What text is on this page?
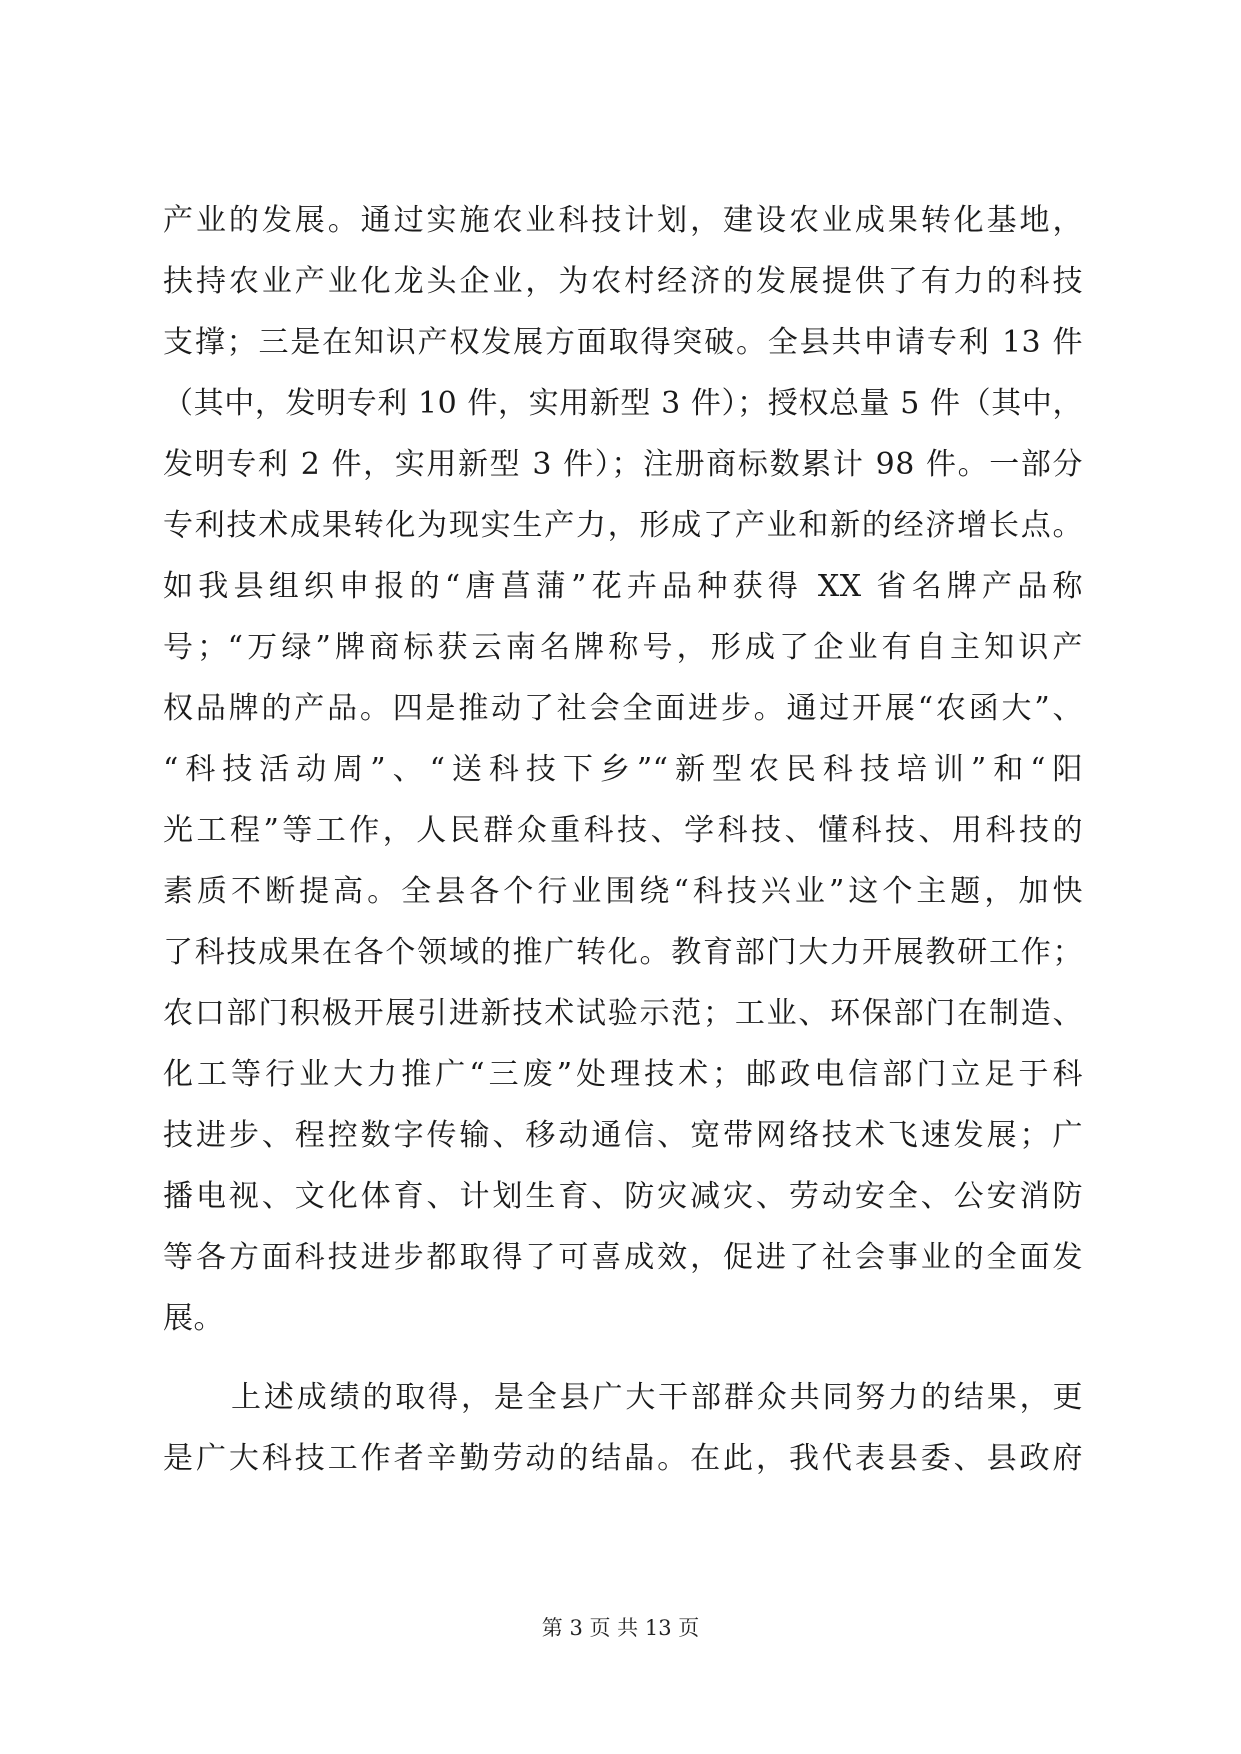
产业的发展。通过实施农业科技计划，建设农业成果转化基地，
扶持农业产业化龙头企业，为农村经济的发展提供了有力的科技
支撑；三是在知识产权发展方面取得突破。全县共申请专利 13 件
（其中，发明专利 10 件，实用新型 3 件）；授权总量 5 件（其中，
发明专利 2 件，实用新型 3 件）；注册商标数累计 98 件。一部分
专利技术成果转化为现实生产力，形成了产业和新的经济增长点。
如我县组织申报的“唐菖蒲”花卉品种获得 XX 省名牌产品称
号；“万绿”牌商标获云南名牌称号，形成了企业有自主知识产
权品牌的产品。四是推动了社会全面进步。通过开展“农函大”、
“科技活动周”、“送科技下乡”“新型农民科技培训”和“阳
光工程”等工作，人民群众重科技、学科技、懂科技、用科技的
素质不断提高。全县各个行业围绕“科技兴业”这个主题，加快
了科技成果在各个领域的推广转化。教育部门大力开展教研工作；
农口部门积极开展引进新技术试验示范；工业、环保部门在制造、
化工等行业大力推广“三废”处理技术；邮政电信部门立足于科
技进步、程控数字传输、移动通信、宽带网络技术飞速发展；广
播电视、文化体育、计划生育、防灾减灾、劳动安全、公安消防
等各方面科技进步都取得了可喜成效，促进了社会事业的全面发
展。
上述成绩的取得，是全县广大干部群众共同努力的结果，更
是广大科技工作者辛勤劳动的结晶。在此，我代表县委、县政府
第 3 页 共 13 页
